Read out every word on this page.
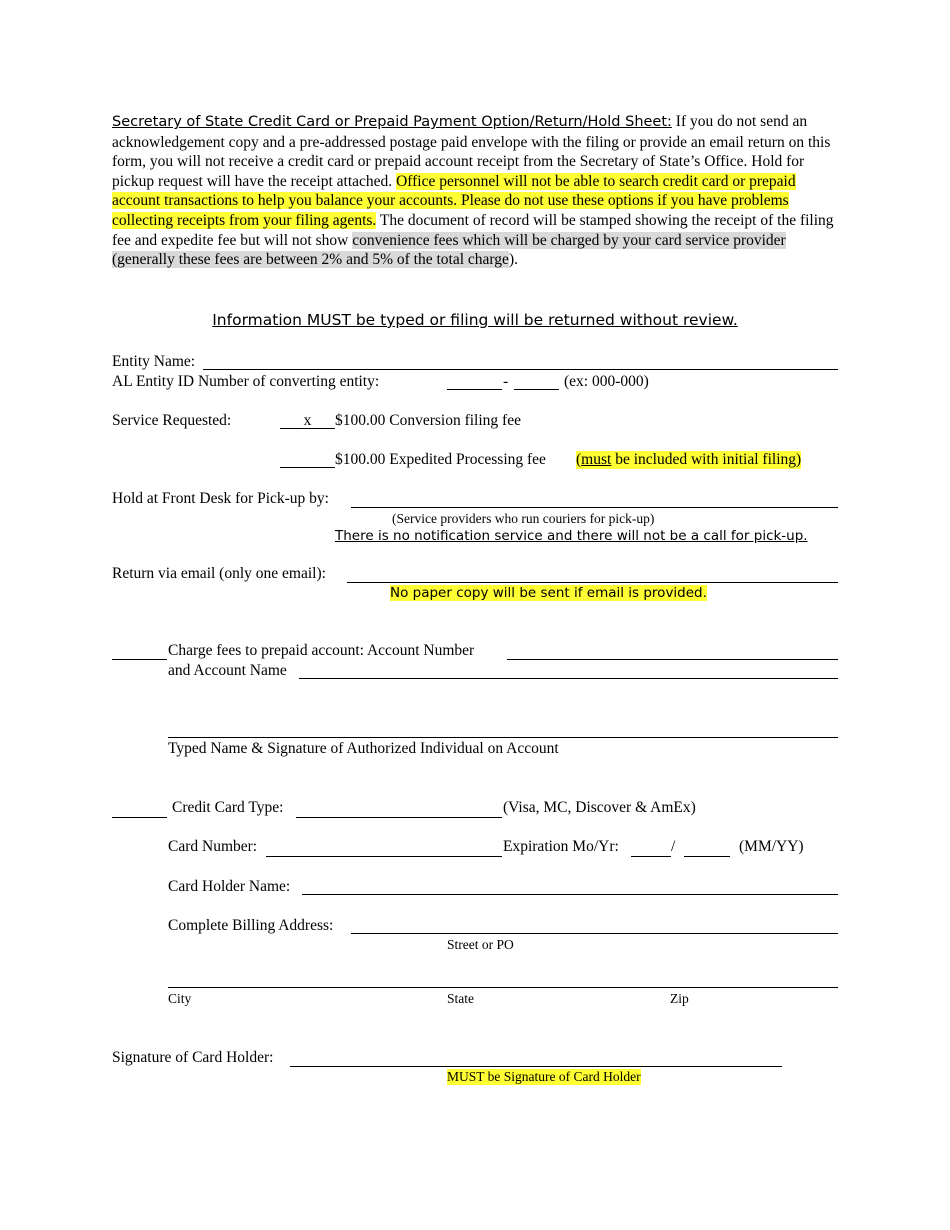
Secretary of State Credit Card or Prepaid Payment Option/Return/Hold Sheet: If you do not send an acknowledgement copy and a pre-addressed postage paid envelope with the filing or provide an email return on this form, you will not receive a credit card or prepaid account receipt from the Secretary of State’s Office. Hold for pickup request will have the receipt attached. Office personnel will not be able to search credit card or prepaid account transactions to help you balance your accounts. Please do not use these options if you have problems collecting receipts from your filing agents. The document of record will be stamped showing the receipt of the filing fee and expedite fee but will not show convenience fees which will be charged by your card service provider (generally these fees are between 2% and 5% of the total charge).
Information MUST be typed or filing will be returned without review.
Entity Name:
AL Entity ID Number of converting entity:	-	(ex: 000-000)
Service Requested:	x	$100.00 Conversion filing fee
$100.00 Expedited Processing fee (must be included with initial filing)
Hold at Front Desk for Pick-up by:
(Service providers who run couriers for pick-up)
There is no notification service and there will not be a call for pick-up.
Return via email (only one email):
No paper copy will be sent if email is provided.
Charge fees to prepaid account: Account Number
and Account Name
Typed Name & Signature of Authorized Individual on Account
Credit Card Type:	(Visa, MC, Discover & AmEx)
Card Number:	Expiration Mo/Yr:	/	(MM/YY)
Card Holder Name:
Complete Billing Address:
Street or PO
City	State	Zip
Signature of Card Holder:
MUST be Signature of Card Holder
